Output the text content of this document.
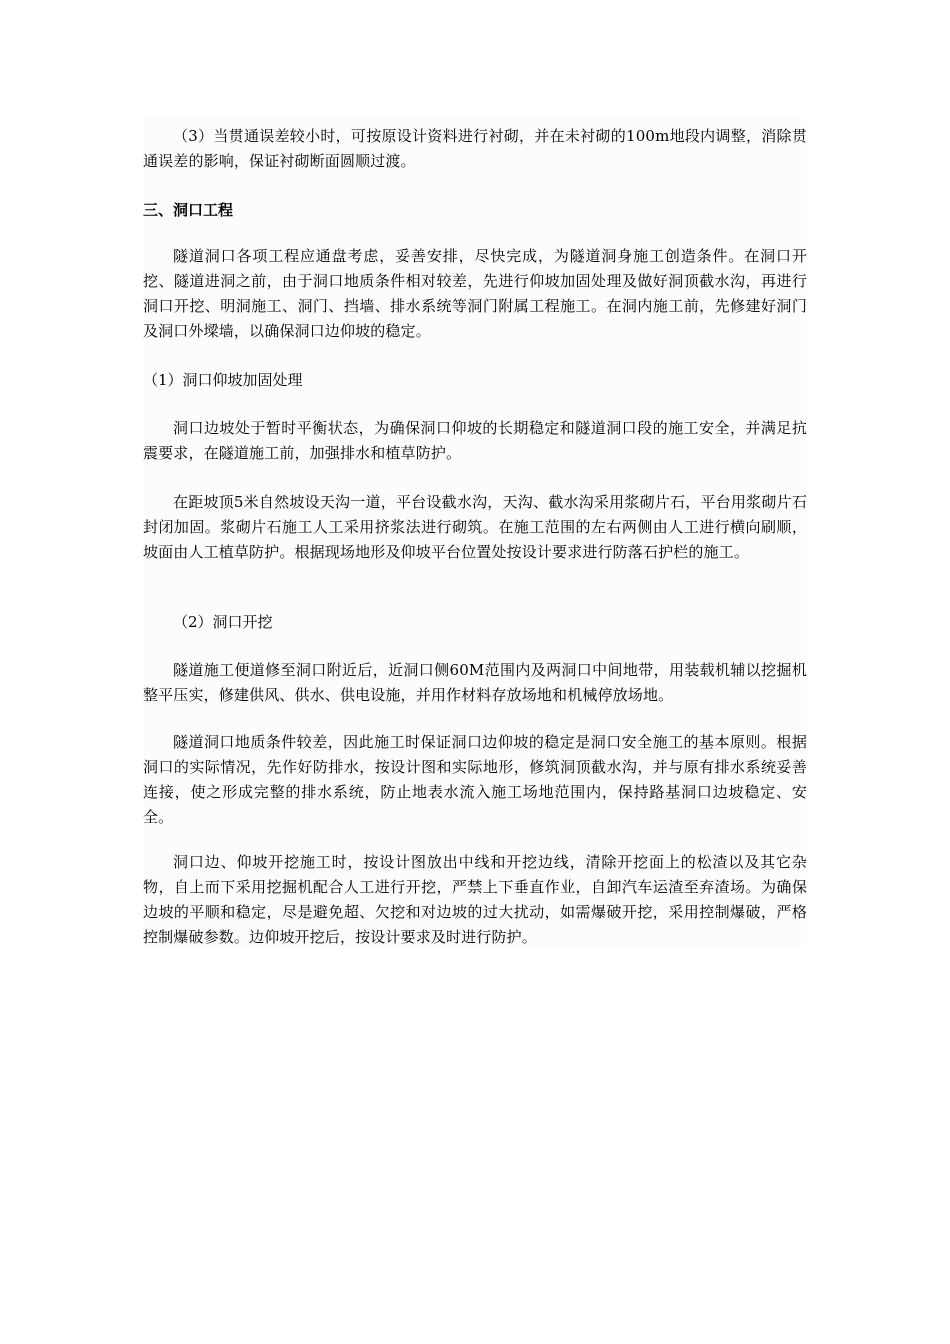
（3）当贯通误差较小时，可按原设计资料进行衬砌，并在未衬砌的100m地段内调整，消除贯通误差的影响，保证衬砌断面圆顺过渡。

三、洞口工程

隧道洞口各项工程应通盘考虑，妥善安排，尽快完成，为隧道洞身施工创造条件。在洞口开挖、隧道进洞之前，由于洞口地质条件相对较差，先进行仰坡加固处理及做好洞顶截水沟，再进行洞口开挖、明洞施工、洞门、挡墙、排水系统等洞门附属工程施工。在洞内施工前，先修建好洞门及洞口外墚墙，以确保洞口边仰坡的稳定。

（1）洞口仰坡加固处理

洞口边坡处于暂时平衡状态，为确保洞口仰坡的长期稳定和隧道洞口段的施工安全，并满足抗震要求，在隧道施工前，加强排水和植草防护。

在距坡顶5米自然坡设天沟一道，平台设截水沟，天沟、截水沟采用浆砌片石，平台用浆砌片石封闭加固。浆砌片石施工人工采用挤浆法进行砌筑。在施工范围的左右两侧由人工进行横向刷顺，坡面由人工植草防护。根据现场地形及仰坡平台位置处按设计要求进行防落石护栏的施工。

（2）洞口开挖

隧道施工便道修至洞口附近后，近洞口侧60M范围内及两洞口中间地带，用装载机辅以挖掘机整平压实，修建供风、供水、供电设施，并用作材料存放场地和机械停放场地。

隧道洞口地质条件较差，因此施工时保证洞口边仰坡的稳定是洞口安全施工的基本原则。根据洞口的实际情况，先作好防排水，按设计图和实际地形，修筑洞顶截水沟，并与原有排水系统妥善连接，使之形成完整的排水系统，防止地表水流入施工场地范围内，保持路基洞口边坡稳定、安全。

洞口边、仰坡开挖施工时，按设计图放出中线和开挖边线，清除开挖面上的松渣以及其它杂物，自上而下采用挖掘机配合人工进行开挖，严禁上下垂直作业，自卸汽车运渣至弃渣场。为确保边坡的平顺和稳定，尽是避免超、欠挖和对边坡的过大扰动，如需爆破开挖，采用控制爆破，严格控制爆破参数。边仰坡开挖后，按设计要求及时进行防护。
